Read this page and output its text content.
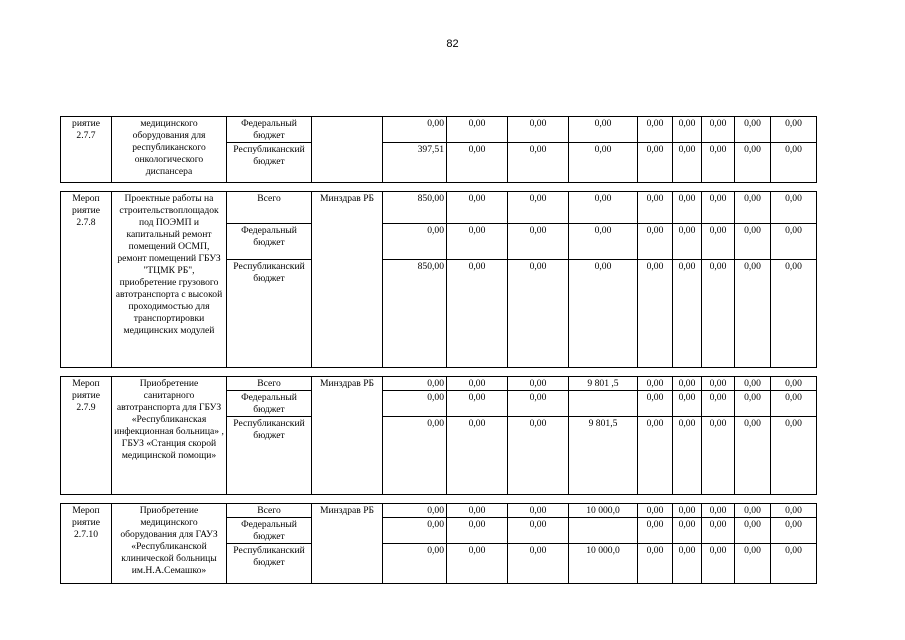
82
риятие 2.7.7	медицинского оборудования для республиканского онкологического диспансера	Федеральный бюджет		0,00	0,00	0,00	0,00	0,00	0,00	0,00	0,00	0,00
		Республиканский бюджет		397,51	0,00	0,00	0,00	0,00	0,00	0,00	0,00	0,00

Мероп риятие 2.7.8	Проектные работы на строительствоплощадок под ПОЭМП и капитальный ремонт помещений ОСМП, ремонт помещений ГБУЗ "ТЦМК РБ", приобретение грузового автотранспорта с высокой проходимостью для транспортировки медицинских модулей	Всего	Минздрав РБ	850,00	0,00	0,00	0,00	0,00	0,00	0,00	0,00	0,00
		Федеральный бюджет		0,00	0,00	0,00	0,00	0,00	0,00	0,00	0,00	0,00
		Республиканский бюджет		850,00	0,00	0,00	0,00	0,00	0,00	0,00	0,00	0,00

Мероп риятие 2.7.9	Приобретение санитарного автотранспорта для ГБУЗ «Республиканская инфекционная больница» , ГБУЗ «Станция скорой медицинской помощи»	Всего	Минздрав РБ	0,00	0,00	0,00	9 801 ,5	0,00	0,00	0,00	0,00	0,00
		Федеральный бюджет		0,00	0,00	0,00		0,00	0,00	0,00	0,00	0,00
		Республиканский бюджет		0,00	0,00	0,00	9 801,5	0,00	0,00	0,00	0,00	0,00

Мероп риятие 2.7.10	Приобретение медицинского оборудования для ГАУЗ «Республиканской клинической больницы им.Н.А.Семашко»	Всего	Минздрав РБ	0,00	0,00	0,00	10 000,0	0,00	0,00	0,00	0,00	0,00
		Федеральный бюджет		0,00	0,00	0,00		0,00	0,00	0,00	0,00	0,00
		Республиканский бюджет		0,00	0,00	0,00	10 000,0	0,00	0,00	0,00	0,00	0,00
